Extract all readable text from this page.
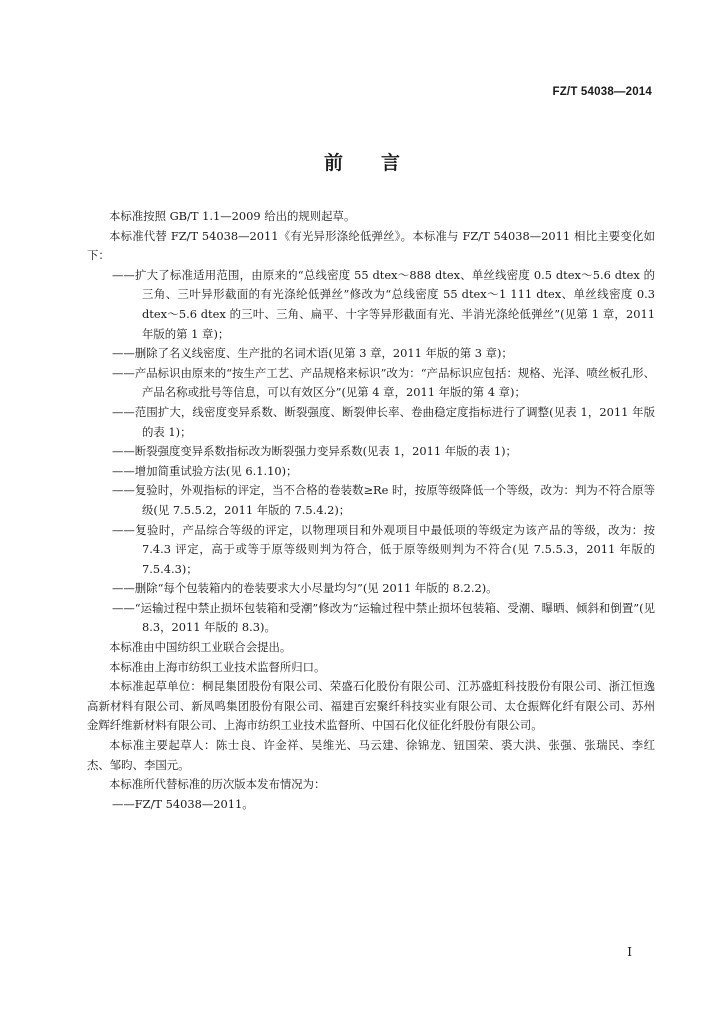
FZ/T 54038—2014
前言

本标准按照 GB/T 1.1—2009 给出的规则起草。

本标准代替 FZ/T 54038—2011《有光异形涤纶低弹丝》。本标准与 FZ/T 54038—2011 相比主要变化如下：

——扩大了标准适用范围，由原来的“总线密度 55 dtex～888 dtex、单丝线密度 0.5 dtex～5.6 dtex 的三角、三叶异形截面的有光涤纶低弹丝”修改为“总线密度 55 dtex～1 111 dtex、单丝线密度 0.3 dtex～5.6 dtex 的三叶、三角、扁平、十字等异形截面有光、半消光涤纶低弹丝”(见第 1 章，2011 年版的第 1 章)；

——删除了名义线密度、生产批的名词术语(见第 3 章，2011 年版的第 3 章)；

——产品标识由原来的“按生产工艺、产品规格来标识”改为：“产品标识应包括：规格、光泽、喷丝板孔形、产品名称或批号等信息，可以有效区分”(见第 4 章，2011 年版的第 4 章)；

——范围扩大，线密度变异系数、断裂强度、断裂伸长率、卷曲稳定度指标进行了调整(见表 1，2011 年版的表 1)；

——断裂强度变异系数指标改为断裂强力变异系数(见表 1，2011 年版的表 1)；

——增加简重试验方法(见 6.1.10)；

——复验时，外观指标的评定，当不合格的卷装数≥Re 时，按原等级降低一个等级，改为：判为不符合原等级(见 7.5.5.2，2011 年版的 7.5.4.2)；

——复验时，产品综合等级的评定，以物理项目和外观项目中最低项的等级定为该产品的等级，改为：按 7.4.3 评定，高于或等于原等级则判为符合，低于原等级则判为不符合(见 7.5.5.3，2011 年版的 7.5.4.3)；

——删除“每个包装箱内的卷装要求大小尽量均匀”(见 2011 年版的 8.2.2)。

——“运输过程中禁止损坏包装箱和受潮”修改为“运输过程中禁止损坏包装箱、受潮、曝晒、倾斜和倒置”(见 8.3，2011 年版的 8.3)。

本标准由中国纺织工业联合会提出。

本标准由上海市纺织工业技术监督所归口。

本标准起草单位：桐昆集团股份有限公司、荣盛石化股份有限公司、江苏盛虹科技股份有限公司、浙江恒逸高新材料有限公司、新凤鸣集团股份有限公司、福建百宏聚纤科技实业有限公司、太仓振辉化纤有限公司、苏州金辉纤维新材料有限公司、上海市纺织工业技术监督所、中国石化仪征化纤股份有限公司。

本标准主要起草人：陈士良、许金祥、吴维光、马云建、徐锦龙、钮国荣、裘大洪、张强、张瑞民、李红杰、邹昀、李国元。

本标准所代替标准的历次版本发布情况为：

——FZ/T 54038—2011。

I
